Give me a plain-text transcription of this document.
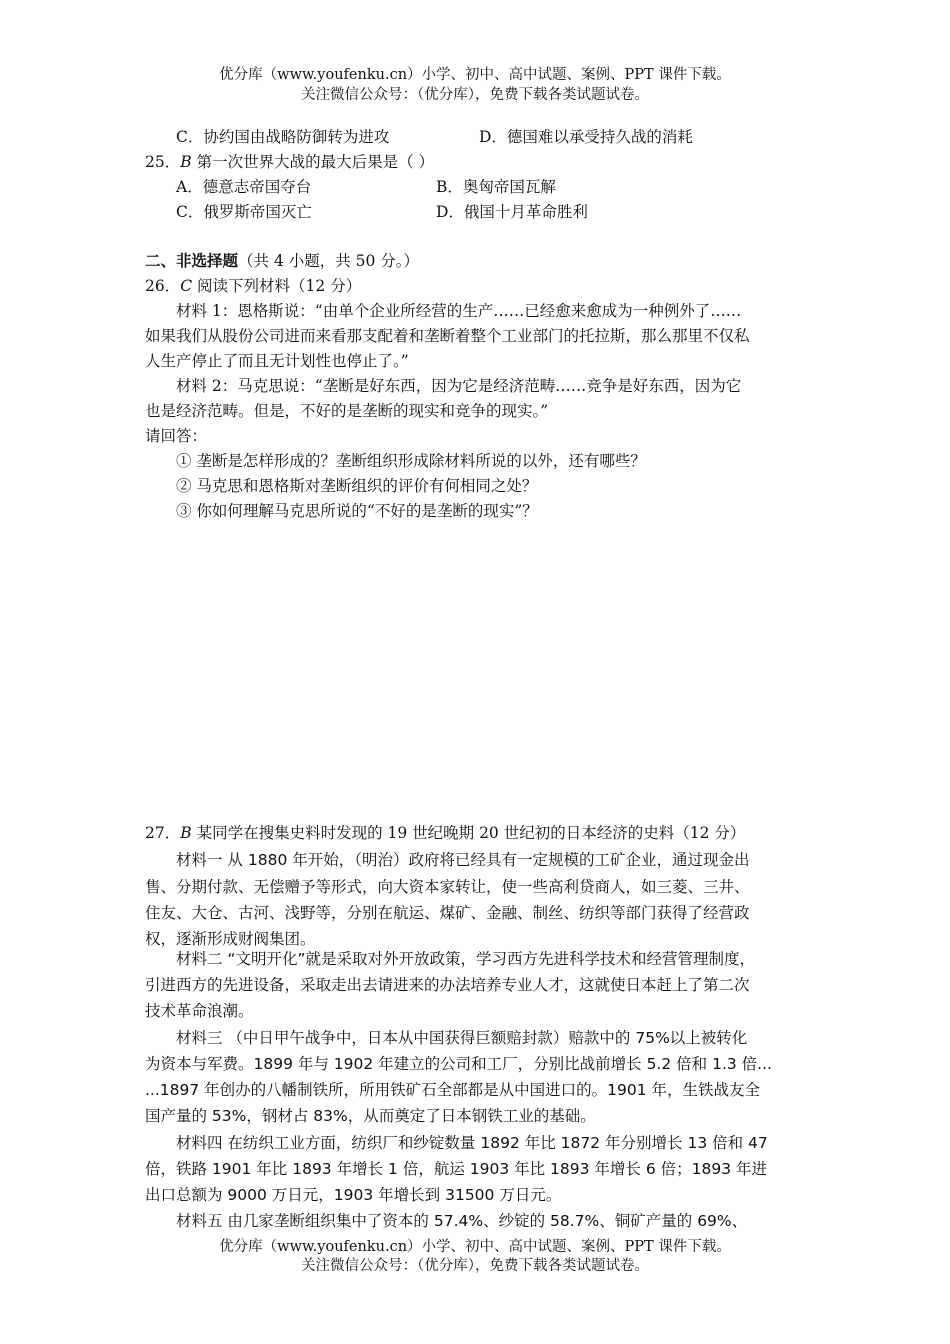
优分库（www.youfenku.cn）小学、初中、高中试题、案例、PPT 课件下载。
关注微信公众号：（优分库），免费下载各类试题试卷。
C．协约国由战略防御转为进攻	D．德国难以承受持久战的消耗
25．B 第一次世界大战的最大后果是（ ）
A．德意志帝国夺台	B．奥匈帝国瓦解
C．俄罗斯帝国灭亡	D．俄国十月革命胜利
二、非选择题（共 4 小题，共 50 分。）
26．C 阅读下列材料（12 分）
材料 1：恩格斯说：“由单个企业所经营的生产……已经愈来愈成为一种例外了……
如果我们从股份公司进而来看那支配着和垄断着整个工业部门的托拉斯，那么那里不仅私
人生产停止了而且无计划性也停止了。”
材料 2：马克思说：“垄断是好东西，因为它是经济范畴……竞争是好东西，因为它
也是经济范畴。但是，不好的是垄断的现实和竞争的现实。”
请回答：
① 垄断是怎样形成的？垄断组织形成除材料所说的以外，还有哪些？
② 马克思和恩格斯对垄断组织的评价有何相同之处？
③ 你如何理解马克思所说的“不好的是垄断的现实”？
27．B 某同学在搜集史料时发现的 19 世纪晚期 20 世纪初的日本经济的史料（12 分）
材料一 从 1880 年开始，（明治）政府将已经具有一定规模的工矿企业，通过现金出
售、分期付款、无偿赠予等形式，向大资本家转让，使一些高利贷商人，如三菱、三井、
住友、大仓、古河、浅野等，分别在航运、煤矿、金融、制丝、纺织等部门获得了经营政
权，逐渐形成财阀集团。
材料二 “文明开化”就是采取对外开放政策，学习西方先进科学技术和经营管理制度，
引进西方的先进设备，采取走出去请进来的办法培养专业人才，这就使日本赶上了第二次
技术革命浪潮。
材料三 （中日甲午战争中，日本从中国获得巨额赔封款）赔款中的 75%以上被转化
为资本与军费。1899 年与 1902 年建立的公司和工厂，分别比战前增长 5.2 倍和 1.3 倍...
...1897 年创办的八幡制铁所，所用铁矿石全部都是从中国进口的。1901 年，生铁战友全
国产量的 53%，钢材占 83%，从而奠定了日本钢铁工业的基础。
材料四 在纺织工业方面，纺织厂和纱锭数量 1892 年比 1872 年分别增长 13 倍和 47
倍，铁路 1901 年比 1893 年增长 1 倍，航运 1903 年比 1893 年增长 6 倍；1893 年进
出口总额为 9000 万日元，1903 年增长到 31500 万日元。
材料五 由几家垄断组织集中了资本的 57.4%、纱锭的 58.7%、铜矿产量的 69%、
优分库（www.youfenku.cn）小学、初中、高中试题、案例、PPT 课件下载。
关注微信公众号：（优分库），免费下载各类试题试卷。
